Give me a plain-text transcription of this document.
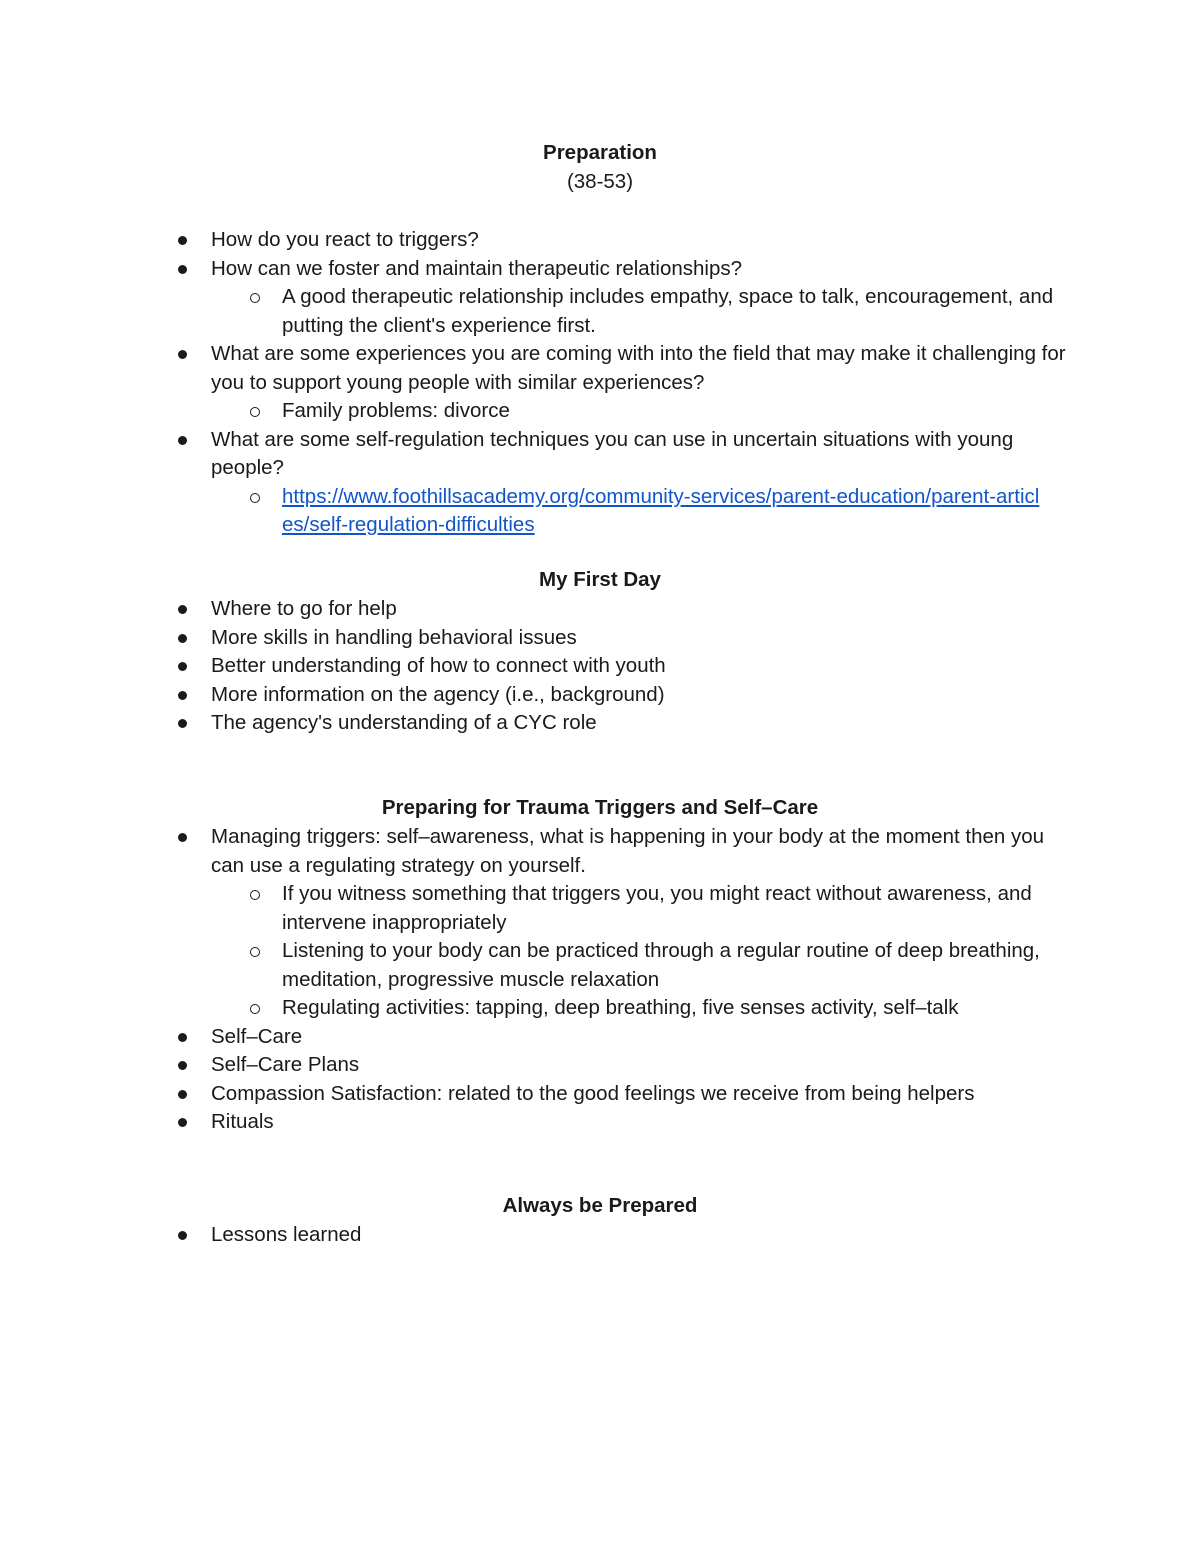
Preparation
(38-53)
How do you react to triggers?
How can we foster and maintain therapeutic relationships?
A good therapeutic relationship includes empathy, space to talk, encouragement, and putting the client's experience first.
What are some experiences you are coming with into the field that may make it challenging for you to support young people with similar experiences?
Family problems: divorce
What are some self-regulation techniques you can use in uncertain situations with young people?
https://www.foothillsacademy.org/community-services/parent-education/parent-articles/self-regulation-difficulties
My First Day
Where to go for help
More skills in handling behavioral issues
Better understanding of how to connect with youth
More information on the agency (i.e., background)
The agency's understanding of a CYC role
Preparing for Trauma Triggers and Self–Care
Managing triggers: self–awareness, what is happening in your body at the moment then you can use a regulating strategy on yourself.
If you witness something that triggers you, you might react without awareness, and intervene inappropriately
Listening to your body can be practiced through a regular routine of deep breathing, meditation, progressive muscle relaxation
Regulating activities: tapping, deep breathing, five senses activity, self–talk
Self–Care
Self–Care Plans
Compassion Satisfaction: related to the good feelings we receive from being helpers
Rituals
Always be Prepared
Lessons learned
